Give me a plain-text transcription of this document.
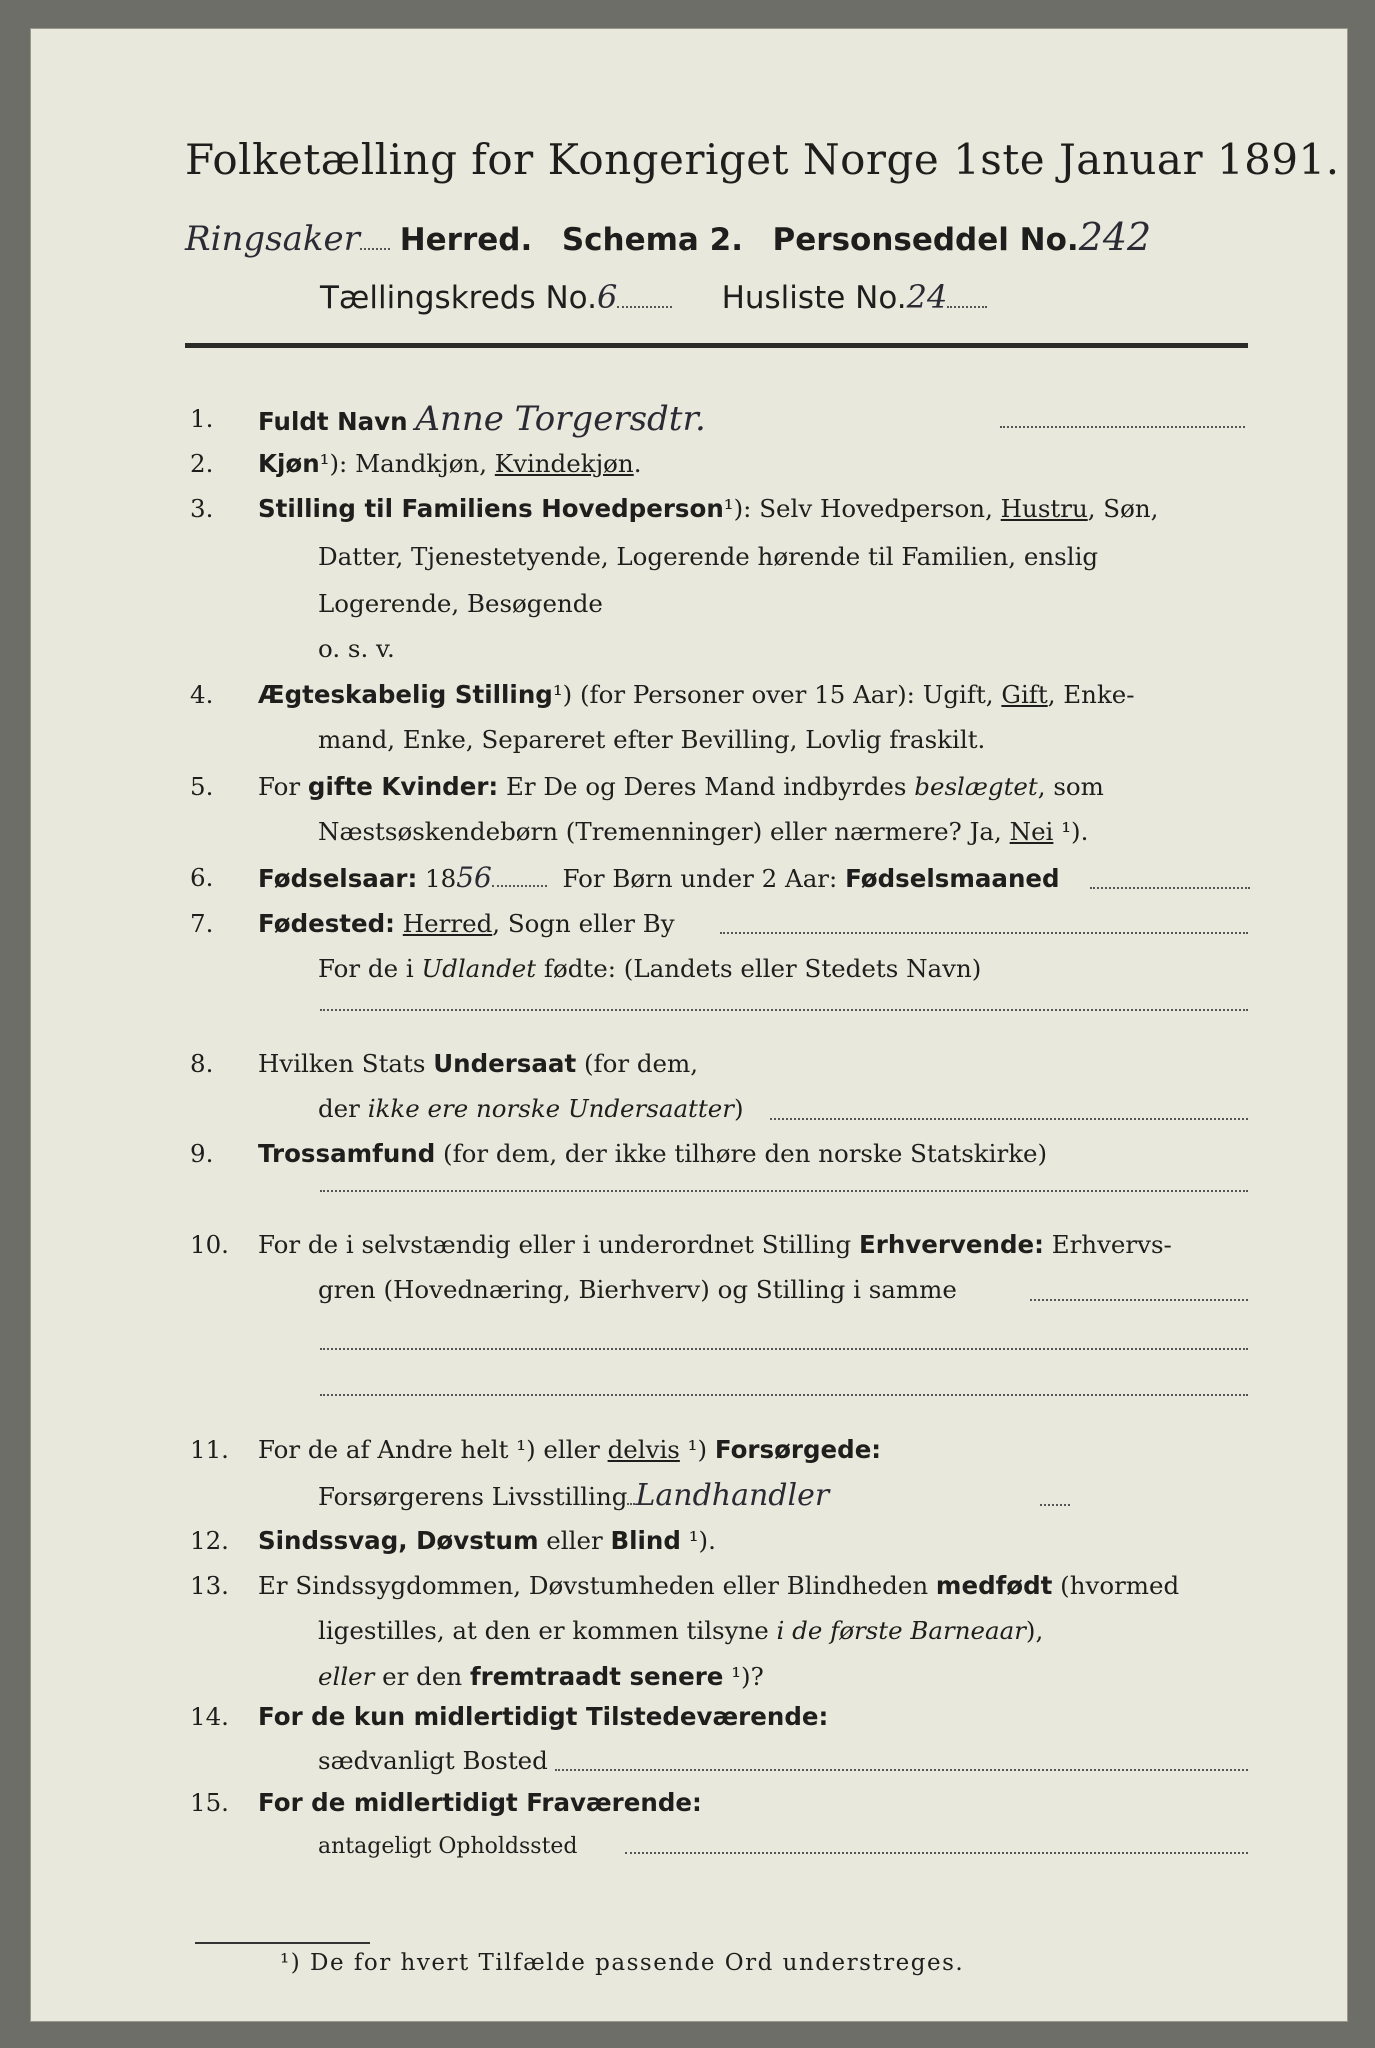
Folketælling for Kongeriget Norge 1ste Januar 1891.
Ringsaker Herred. Schema 2. Personseddel No.242
Tællingskreds No.6	Husliste No.24
1. Fuldt Navn Anne Torgersdtr.
2. Kjøn¹): Mandkjøn, Kvindekjøn.
3. Stilling til Familiens Hovedperson¹): Selv Hovedperson, Hustru, Søn,
Datter, Tjenestetyende, Logerende hørende til Familien, enslig
Logerende, Besøgende
o. s. v.
4. Ægteskabelig Stilling¹) (for Personer over 15 Aar): Ugift, Gift, Enke-
mand, Enke, Separeret efter Bevilling, Lovlig fraskilt.
5. For gifte Kvinder: Er De og Deres Mand indbyrdes beslægtet, som
Næstsøskendebørn (Tremenninger) eller nærmere? Ja, Nei ¹).
6. Fødselsaar: 1856	For Børn under 2 Aar: Fødselsmaaned
7. Fødested: Herred, Sogn eller By
For de i Udlandet fødte: (Landets eller Stedets Navn)
8. Hvilken Stats Undersaat (for dem,
der ikke ere norske Undersaatter)
9. Trossamfund (for dem, der ikke tilhøre den norske Statskirke)
10. For de i selvstændig eller i underordnet Stilling Erhvervende: Erhvervs-
gren (Hovednæring, Bierhverv) og Stilling i samme
11. For de af Andre helt ¹) eller delvis ¹) Forsørgede:
Forsørgerens Livsstilling Landhandler
12. Sindssvag, Døvstum eller Blind ¹).
13. Er Sindssygdommen, Døvstumheden eller Blindheden medfødt (hvormed
ligestilles, at den er kommen tilsyne i de første Barneaar),
eller er den fremtraadt senere ¹)?
14. For de kun midlertidigt Tilstedeværende:
sædvanligt Bosted
15. For de midlertidigt Fraværende:
antageligt Opholdssted
¹) De for hvert Tilfælde passende Ord understreges.
